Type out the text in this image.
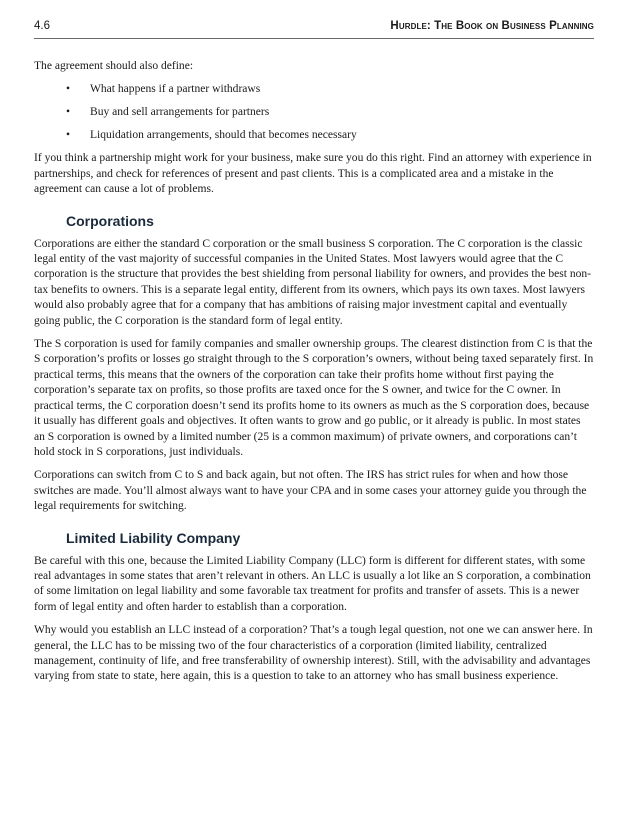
4.6	Hurdle: The Book on Business Planning

The agreement should also define:

• What happens if a partner withdraws
• Buy and sell arrangements for partners
• Liquidation arrangements, should that becomes necessary

If you think a partnership might work for your business, make sure you do this right. Find an attorney with experience in partnerships, and check for references of present and past clients. This is a complicated area and a mistake in the agreement can cause a lot of problems.

Corporations

Corporations are either the standard C corporation or the small business S corporation. The C corporation is the classic legal entity of the vast majority of successful companies in the United States. Most lawyers would agree that the C corporation is the structure that provides the best shielding from personal liability for owners, and provides the best non-tax benefits to owners. This is a separate legal entity, different from its owners, which pays its own taxes. Most lawyers would also probably agree that for a company that has ambitions of raising major investment capital and eventually going public, the C corporation is the standard form of legal entity.

The S corporation is used for family companies and smaller ownership groups. The clearest distinction from C is that the S corporation’s profits or losses go straight through to the S corporation’s owners, without being taxed separately first. In practical terms, this means that the owners of the corporation can take their profits home without first paying the corporation’s separate tax on profits, so those profits are taxed once for the S owner, and twice for the C owner. In practical terms, the C corporation doesn’t send its profits home to its owners as much as the S corporation does, because it usually has different goals and objectives. It often wants to grow and go public, or it already is public. In most states an S corporation is owned by a limited number (25 is a common maximum) of private owners, and corporations can’t hold stock in S corporations, just individuals.

Corporations can switch from C to S and back again, but not often. The IRS has strict rules for when and how those switches are made. You’ll almost always want to have your CPA and in some cases your attorney guide you through the legal requirements for switching.

Limited Liability Company

Be careful with this one, because the Limited Liability Company (LLC) form is different for different states, with some real advantages in some states that aren’t relevant in others. An LLC is usually a lot like an S corporation, a combination of some limitation on legal liability and some favorable tax treatment for profits and transfer of assets. This is a newer form of legal entity and often harder to establish than a corporation.

Why would you establish an LLC instead of a corporation? That’s a tough legal question, not one we can answer here. In general, the LLC has to be missing two of the four characteristics of a corporation (limited liability, centralized management, continuity of life, and free transferability of ownership interest). Still, with the advisability and advantages varying from state to state, here again, this is a question to take to an attorney who has small business experience.
